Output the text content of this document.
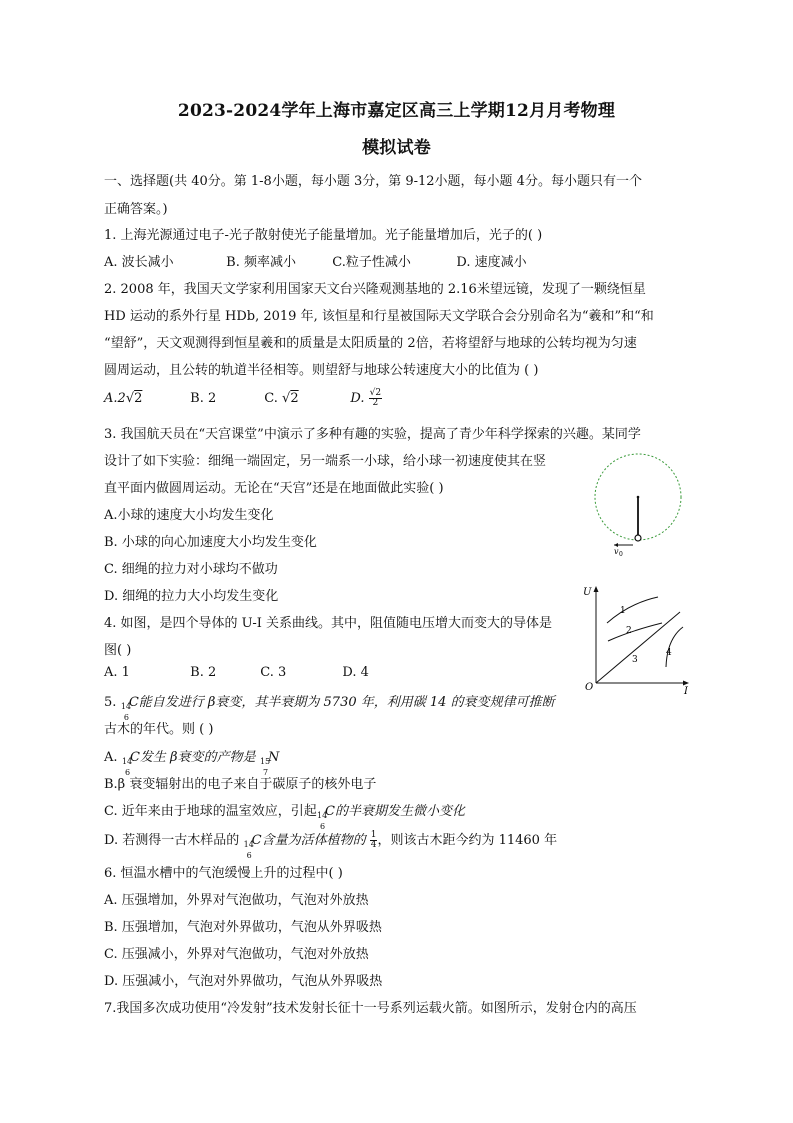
2023-2024学年上海市嘉定区高三上学期12月月考物理
模拟试卷
一、选择题(共 40分。第 1-8小题，每小题 3分，第 9-12小题，每小题 4分。每小题只有一个
正确答案。)
1. 上海光源通过电子-光子散射使光子能量增加。光子能量增加后，光子的( )
A. 波长减小	B. 频率减小	C.粒子性减小	D. 速度减小
2. 2008 年，我国天文学家利用国家天文台兴隆观测基地的 2.16米望远镜，发现了一颗绕恒星
HD 运动的系外行星 HDb, 2019 年, 该恒星和行星被国际天文学联合会分别命名为“羲和”和“和
“望舒”，天文观测得到恒星羲和的质量是太阳质量的 2倍，若将望舒与地球的公转均视为匀速
圆周运动，且公转的轨道半径相等。则望舒与地球公转速度大小的比值为 ( )
A.2√2	B. 2	C. √2	D. $\frac{√2}{2}$
3. 我国航天员在“天宫课堂”中演示了多种有趣的实验，提高了青少年科学探索的兴趣。某同学
设计了如下实验：细绳一端固定，另一端系一小球，给小球一初速度使其在竖
直平面内做圆周运动。无论在“天宫”还是在地面做此实验( )
A.小球的速度大小均发生变化
B. 小球的向心加速度大小均发生变化
C. 细绳的拉力对小球均不做功
D. 细绳的拉力大小均发生变化
v 0
4. 如图，是四个导体的 U-I 关系曲线。其中，阻值随电压增大而变大的导体是
图( )
A. 1	B. 2	C. 3	D. 4
U
I
O
1
2
3
4
5. 14
6
C能自发进行 β衰变，其半衰期为 5730 年，利用碳 14 的衰变规律可推断
古木的年代。则 ( )
A. 14
6
C发生 β衰变的产物是 15
7
N
B.β 衰变辐射出的电子来自于碳原子的核外电子
C. 近年来由于地球的温室效应，引起 14
6
C的半衰期发生微小变化
D. 若测得一古木样品的 14
6
C含量为活体植物的 $\frac{1}{4}$，则该古木距今约为 11460 年
6. 恒温水槽中的气泡缓慢上升的过程中( )
A. 压强增加，外界对气泡做功，气泡对外放热
B. 压强增加，气泡对外界做功，气泡从外界吸热
C. 压强减小，外界对气泡做功，气泡对外放热
D. 压强减小，气泡对外界做功，气泡从外界吸热
7.我国多次成功使用“冷发射”技术发射长征十一号系列运载火箭。如图所示，发射仓内的高压
